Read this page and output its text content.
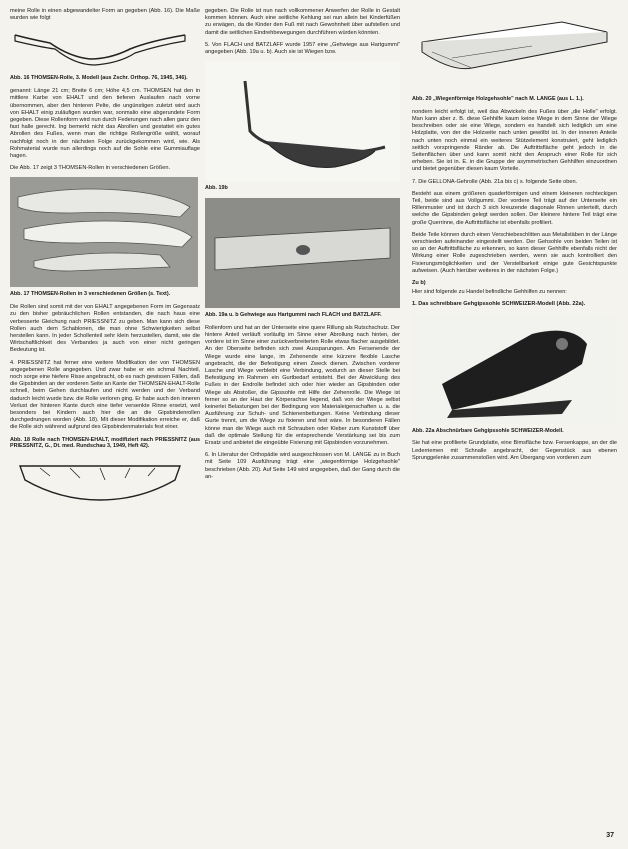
meine Rolle in einen abgewandelter Form an gegeben (Abb. 16). Die Maße wurden wie folgt

Abb. 16 THOMSEN-Rolle, 3. Modell (aus Zschr. Orthop. 76, 1945, 346).

genannt: Länge 21 cm; Breite 6 cm; Höhe 4,5 cm. THOMSEN hat den in mittlere Karbe von EHALT und den tieferen Auslaufen nach vorne übernommen, aber den hinteren Pelte, die ungünstigen zuletzt wird auch von EHALT einig zuläufigen wurden war, sonmalio eine abgerundete Form gegeben. Diese Rollenform wird nun durch Federungen nach allen ganz den fast halle gerecht. Ing bemerkt nicht das Abrollen und gestattet ein gutes Abrollen des Fußes, wenn man die richtige Rollengröße wählt, worauf nachfolgt noch in der nächsten Folge zurückgekommen wird, wie. Als Rohmaterial wurde nun allerdings noch auf die Sohle eine Gummiauflage hagen.

Die Abb. 17 zeigt 3 THOMSEN-Rollen in verschiedenen Größen.

Abb. 17 THOMSEN-Rollen in 3 verschiedenen Größen (s. Text).

Die Rollen sind somit mit der von EHALT angegebenen Form im Gegensatz zu den bisher gebräuchlichen Rollen entstanden, die nach haus eine verbesserte Gleichung nach PRIESSNITZ zu geben. Man kann sich diese Rollen auch dem Schablonen, die man ohne Schwierigkeiten selbst herstellen kann. In jeder Schollenteil sehr klein herzustellen, damit, wie die Wirtschaftlichkeit des Verbandes ja auch von einer nicht geringen Bedeutung ist.

4. PRIESSNITZ hat ferner eine weitere Modifikation der von THOMSEN angegebenen Rolle angegeben. Und zwar habe er ein schmal Nachteil, noch sorge eine hiefere Risse angebracht, ob es nach gewissen Fällen, daß die Gipsbinden an der vorderen Seite an Kante der THOMSEN-EHALT-Rolle schnell, beim Gehen durchlaufen und nicht werden und der Verband dadurch leicht wurde bzw. die Rolle verloren ging. Er habe auch den inneren Verlust der hinteren Kante durch eine tiefer versenkte Rinne ersetzt, weil besonders bei Kindern auch hier die an die Gipsbindenrollen durchgedrungen worden (Abb. 18). Mit dieser Modifikation erreiche er, daß die Rolle sich während aufgrund des Gipsbindenmaterials fest einer.

Abb. 18 Rolle nach THOMSEN-EHALT, modifiziert nach PRIESSNITZ (aus PRIESSNITZ, G., Dt. med. Rundschau 3, 1949, Heft 42).

gegeben. Die Rolle ist nun nach vollkommener Anwerfen der Rolle in Gestalt kommen können. Auch eine seitliche Kehlung sei nun allein bei Kinderfüßen zu erwägen, da die Kinder den Fuß mit nach Gewohnheit über aufstellen und damit die seitlichen Eindrehbewegungen durchführen würden könnten.

5. Von FLACH und BATZLAFF wurde 1957 eine „Gehwiege aus Hartgummi" angegeben (Abb. 19a u. b). Auch sie ist Wiegen bzw.

Abb. 19b
Abb. 19a u. b Gehwiege aus Hartgummi nach FLACH und BATZLAFF.

Rollenform und hat an der Unterseite eine quere Rillung als Rutschschutz. Der hintere Anteil verläuft vorläufig im Sinne einer Abrollung nach hinten, der vordere ist im Sinne einer zurückverbreiterten Rolle etwas flacher ausgebildet. An der Oberseite befinden sich zwei Aussparungen. Am Fersenende der Wiege wurde eine lange, im Zehenende eine kürzere flexible Lasche angebracht, die der Befestigung einen Zweck dienen. Zwischen vorderer Lasche und Wiege verbleibt eine Verbindung, wodurch an dieser Stelle bei Befestigung im Rahmen ein Gurtbedarf entsteht. Bei der Abwicklung des Fußes in der Endrolle befindet sich oder hier wieder an Gipsbinden oder Wiege als Abstoßer, die Gipssohle mit Hilfe der Zehenrolle. Die Wiege ist ferner so an der Haut der Körperachse liegend, daß von der Wiege selbst keinerlei Belastungen bei der Bedingung von Materialeigenschaften u. a. die Ausführung zur Schuh- und Schienenbettungen. Keine Verbindung dieser Gurte trennt, um die Wiege zu fixieren und fest wäre. In besonderen Fällen könne man die Wiege auch mit Schrauben oder Kleber zum Kunststoff über daß die optimale Stellung für die entsprechende Verstärkung sei bis zum Ersatz und anbietet die eingeübte Fixierung mit Gipsbinden vorzunehmen.

6. In Literatur der Orthopädie wird ausgeschlossen von M. LANGE zu in Buch mit Seite 109 Ausführung trägt eine „wiegenförmige Holzgehsohle" beschrieben (Abb. 20). Auf Seite 149 wird angegeben, daß der Gang durch die an-

Abb. 20 „Wiegenförmige Holzgehsohle" nach M. LANGE (aus L. 1.).

nondern leicht erfolgt ist, weil das Abwickeln des Fußes über „die Holle" erfolgt. Man kann aber z. B. diese Gehhilfe kaum keine Wiege in dem Sinne der Wiege beschreiben oder sie eine Wiege, sondern es handelt sich lediglich um eine Holzplatte, von der die Holzseite nach unten gewölbt ist. In der inneren Anteile nach unten noch einmal ein weiteres Stützelement konstruiert, geht lediglich seitlich vorspringende Ränder ab. Die Auftrittsfläche geht jedoch in die Seitenflächen über und kann somit nicht den Anspruch einer Rolle für sich erheben. Sie ist in. E. in die Gruppe der asymmetrischen Gehhilfen einzuordnen und bietet gegenüber diesen kaum Vorteile.

7. Die GELLONA-Gehrolle (Abb. 21a bis c) s. folgende Seite oben.

Besteht aus einem größeren quaderförmigen und einem kleineren rechteckigen Teil, beide sind aus Vollgummi. Der vordere Teil trägt auf der Unterseite ein Rillenmuster und ist durch 3 sich kreuzende diagonale Rinnen unterteilt, durch welche die Gipsbinden gelegt werden sollen. Der kleinere hintere Teil trägt eine große Querrinne, die Auftrittsfläche ist ebenfalls profiliert.

Beide Teile können durch einen Verschiebeschlitten aus Metallstäben in der Länge verschieden aufeinander eingestellt werden. Der Gehsohle von beiden Teilen ist so an der Auftrittsfläche zu erkennen, so kann dieser Gehhilfe ebenfalls nicht der Wirkung einer Rolle zugeschrieben werden, wenn sie auch kontrolliert den Fixierungsmöglichkeiten und der Verstellbarkeit einige gute Gesichtspunkte aufweisen. (Auch hierüber weiteres in der nächsten Folge.)

Zu b)

Hier sind folgende zu Handel befindliche Gehhilfen zu nennen:

1. Das schreibbare Gehgipssohle SCHWEIZER-Modell (Abb. 22a).

Abb. 22a Abschnürbare Gehgipssohle SCHWEIZER-Modell.

Sie hat eine profilierte Grundplatte, eine Bimsfläche bzw. Fersenkappe, an der die Lederriemen mit Schnalle angebracht, der Gegenstück aus ebenen Sprunggelenke zusammenstoßen wird. Am Übergang von vorderen zum

37
